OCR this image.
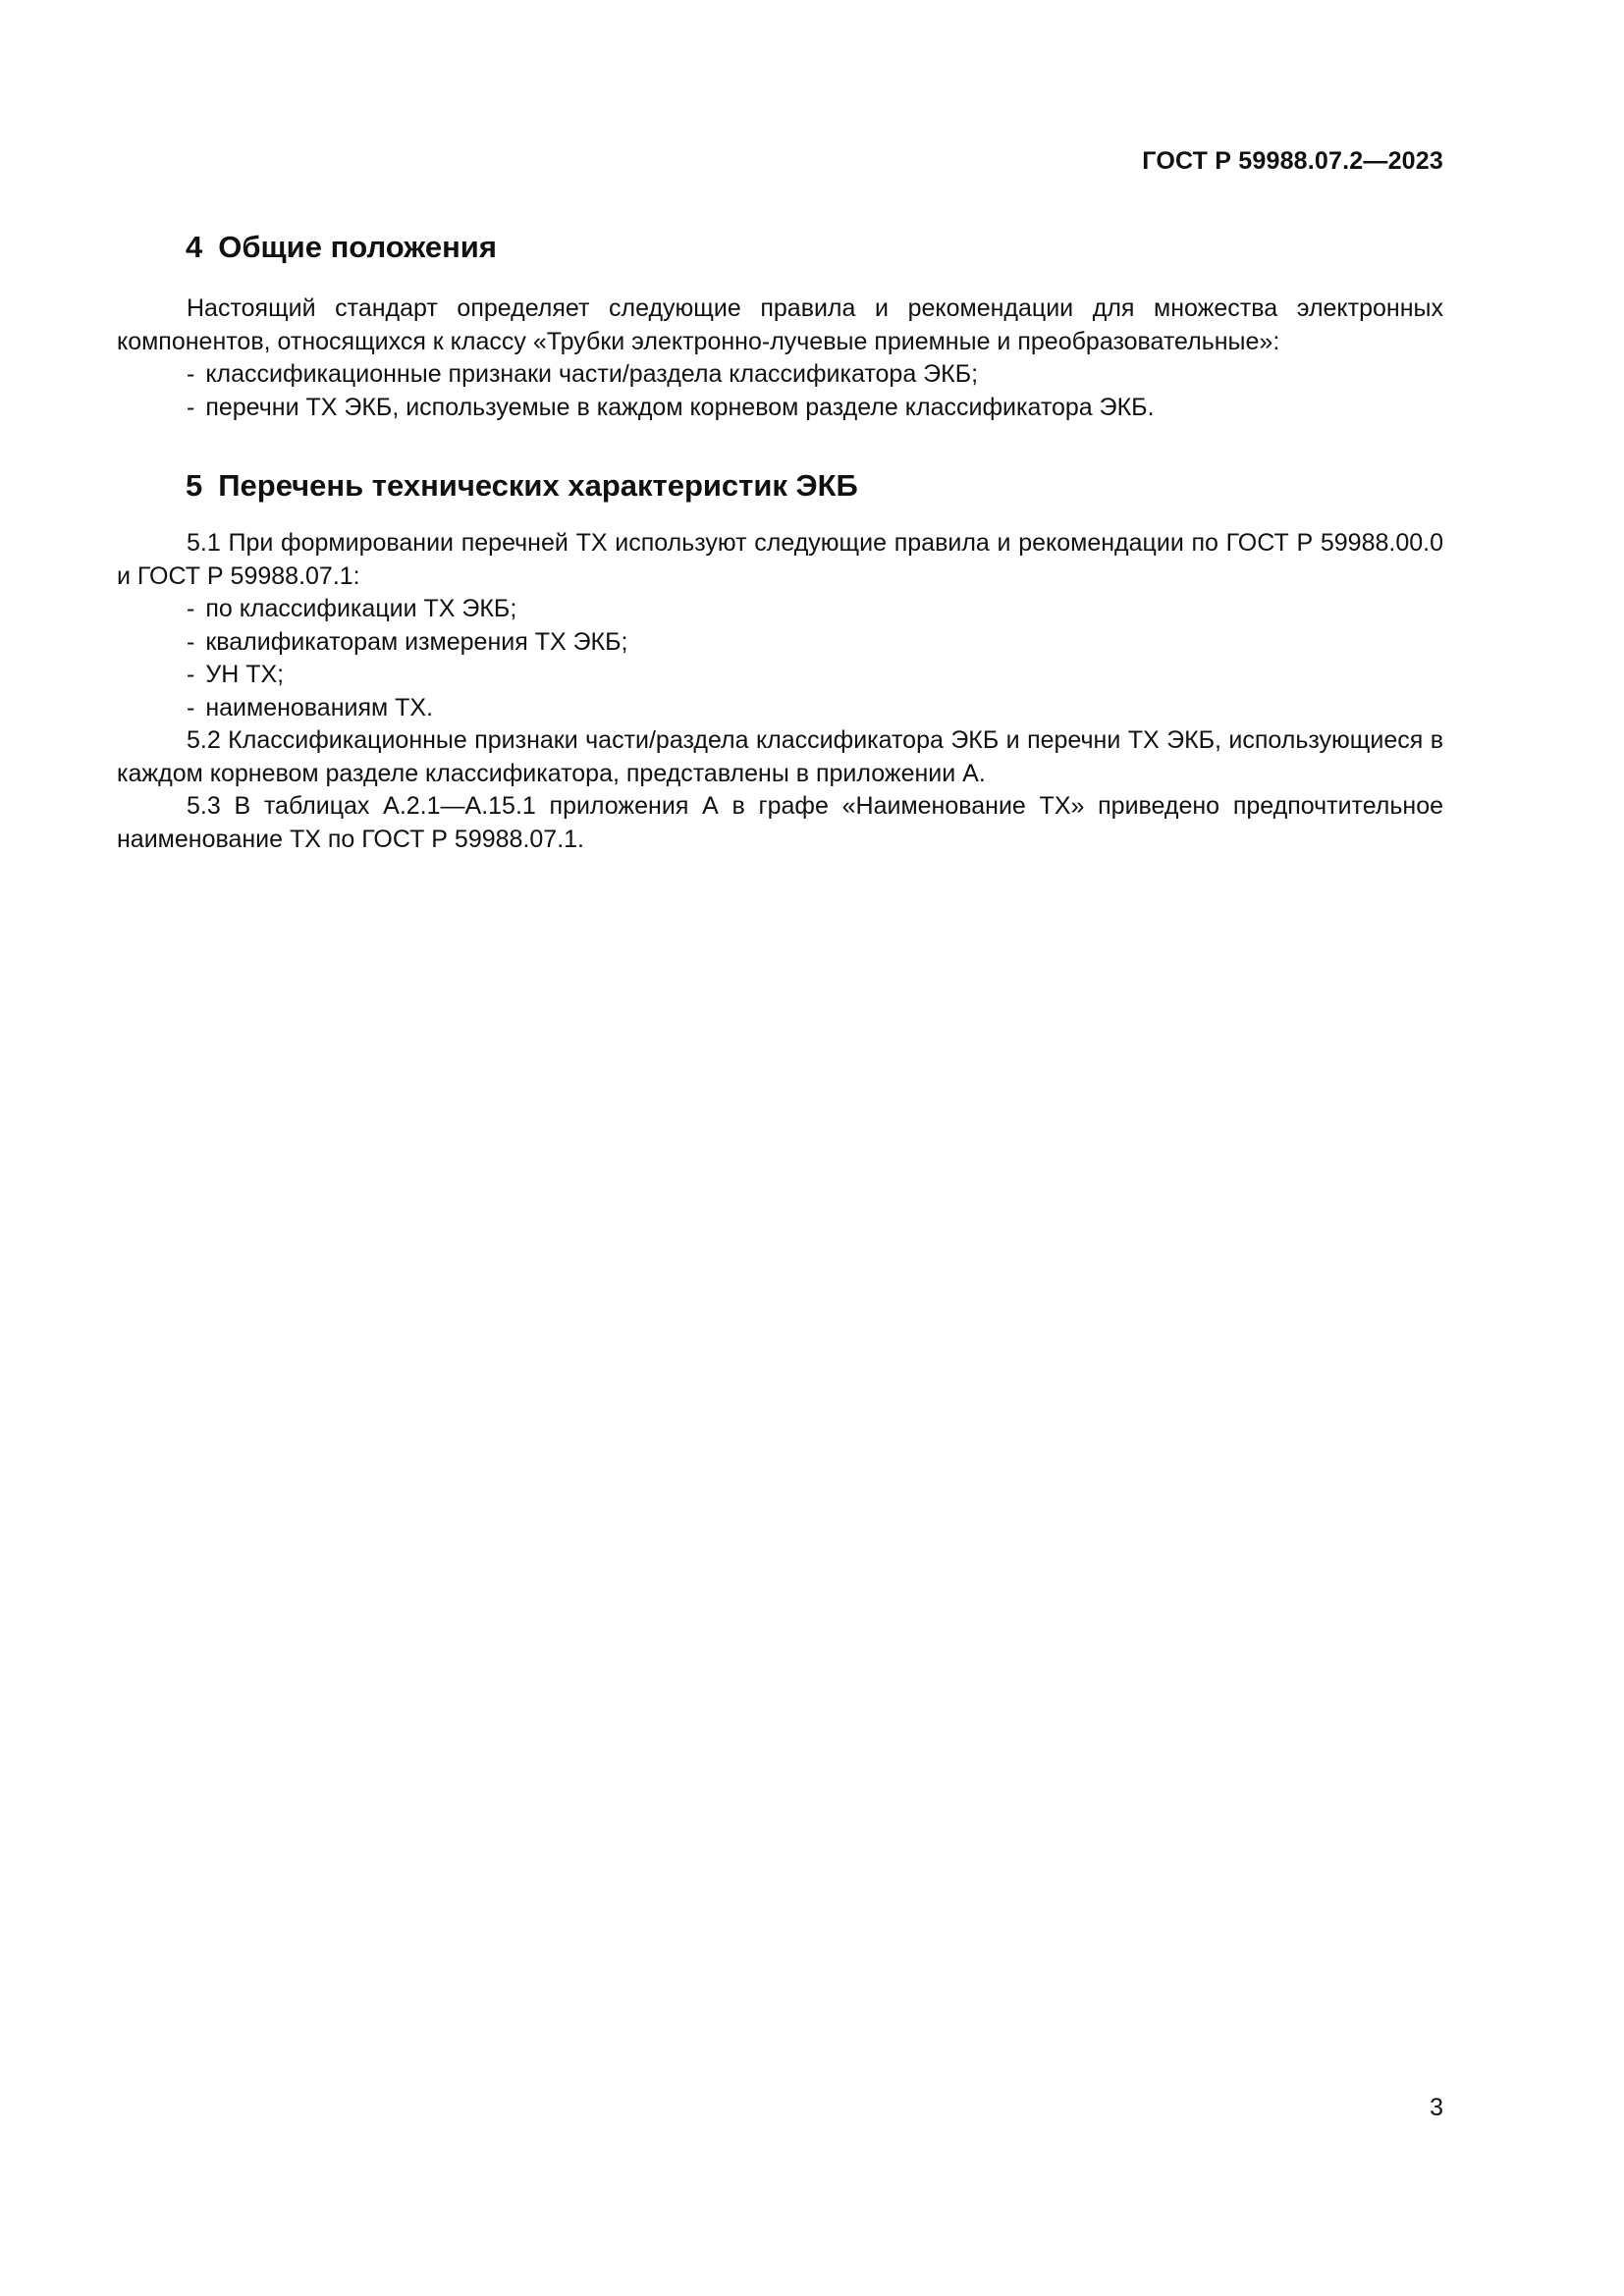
ГОСТ Р 59988.07.2—2023
4 Общие положения

Настоящий стандарт определяет следующие правила и рекомендации для множества электронных компонентов, относящихся к классу «Трубки электронно-лучевые приемные и преобразовательные»:

- классификационные признаки части/раздела классификатора ЭКБ;
- перечни ТХ ЭКБ, используемые в каждом корневом разделе классификатора ЭКБ.
5 Перечень технических характеристик ЭКБ

5.1 При формировании перечней ТХ используют следующие правила и рекомендации по ГОСТ Р 59988.00.0 и ГОСТ Р 59988.07.1:

- по классификации ТХ ЭКБ;
- квалификаторам измерения ТХ ЭКБ;
- УН ТХ;
- наименованиям ТХ.

5.2 Классификационные признаки части/раздела классификатора ЭКБ и перечни ТХ ЭКБ, использующиеся в каждом корневом разделе классификатора, представлены в приложении А.

5.3 В таблицах А.2.1—А.15.1 приложения А в графе «Наименование ТХ» приведено предпочтительное наименование ТХ по ГОСТ Р 59988.07.1.

3
